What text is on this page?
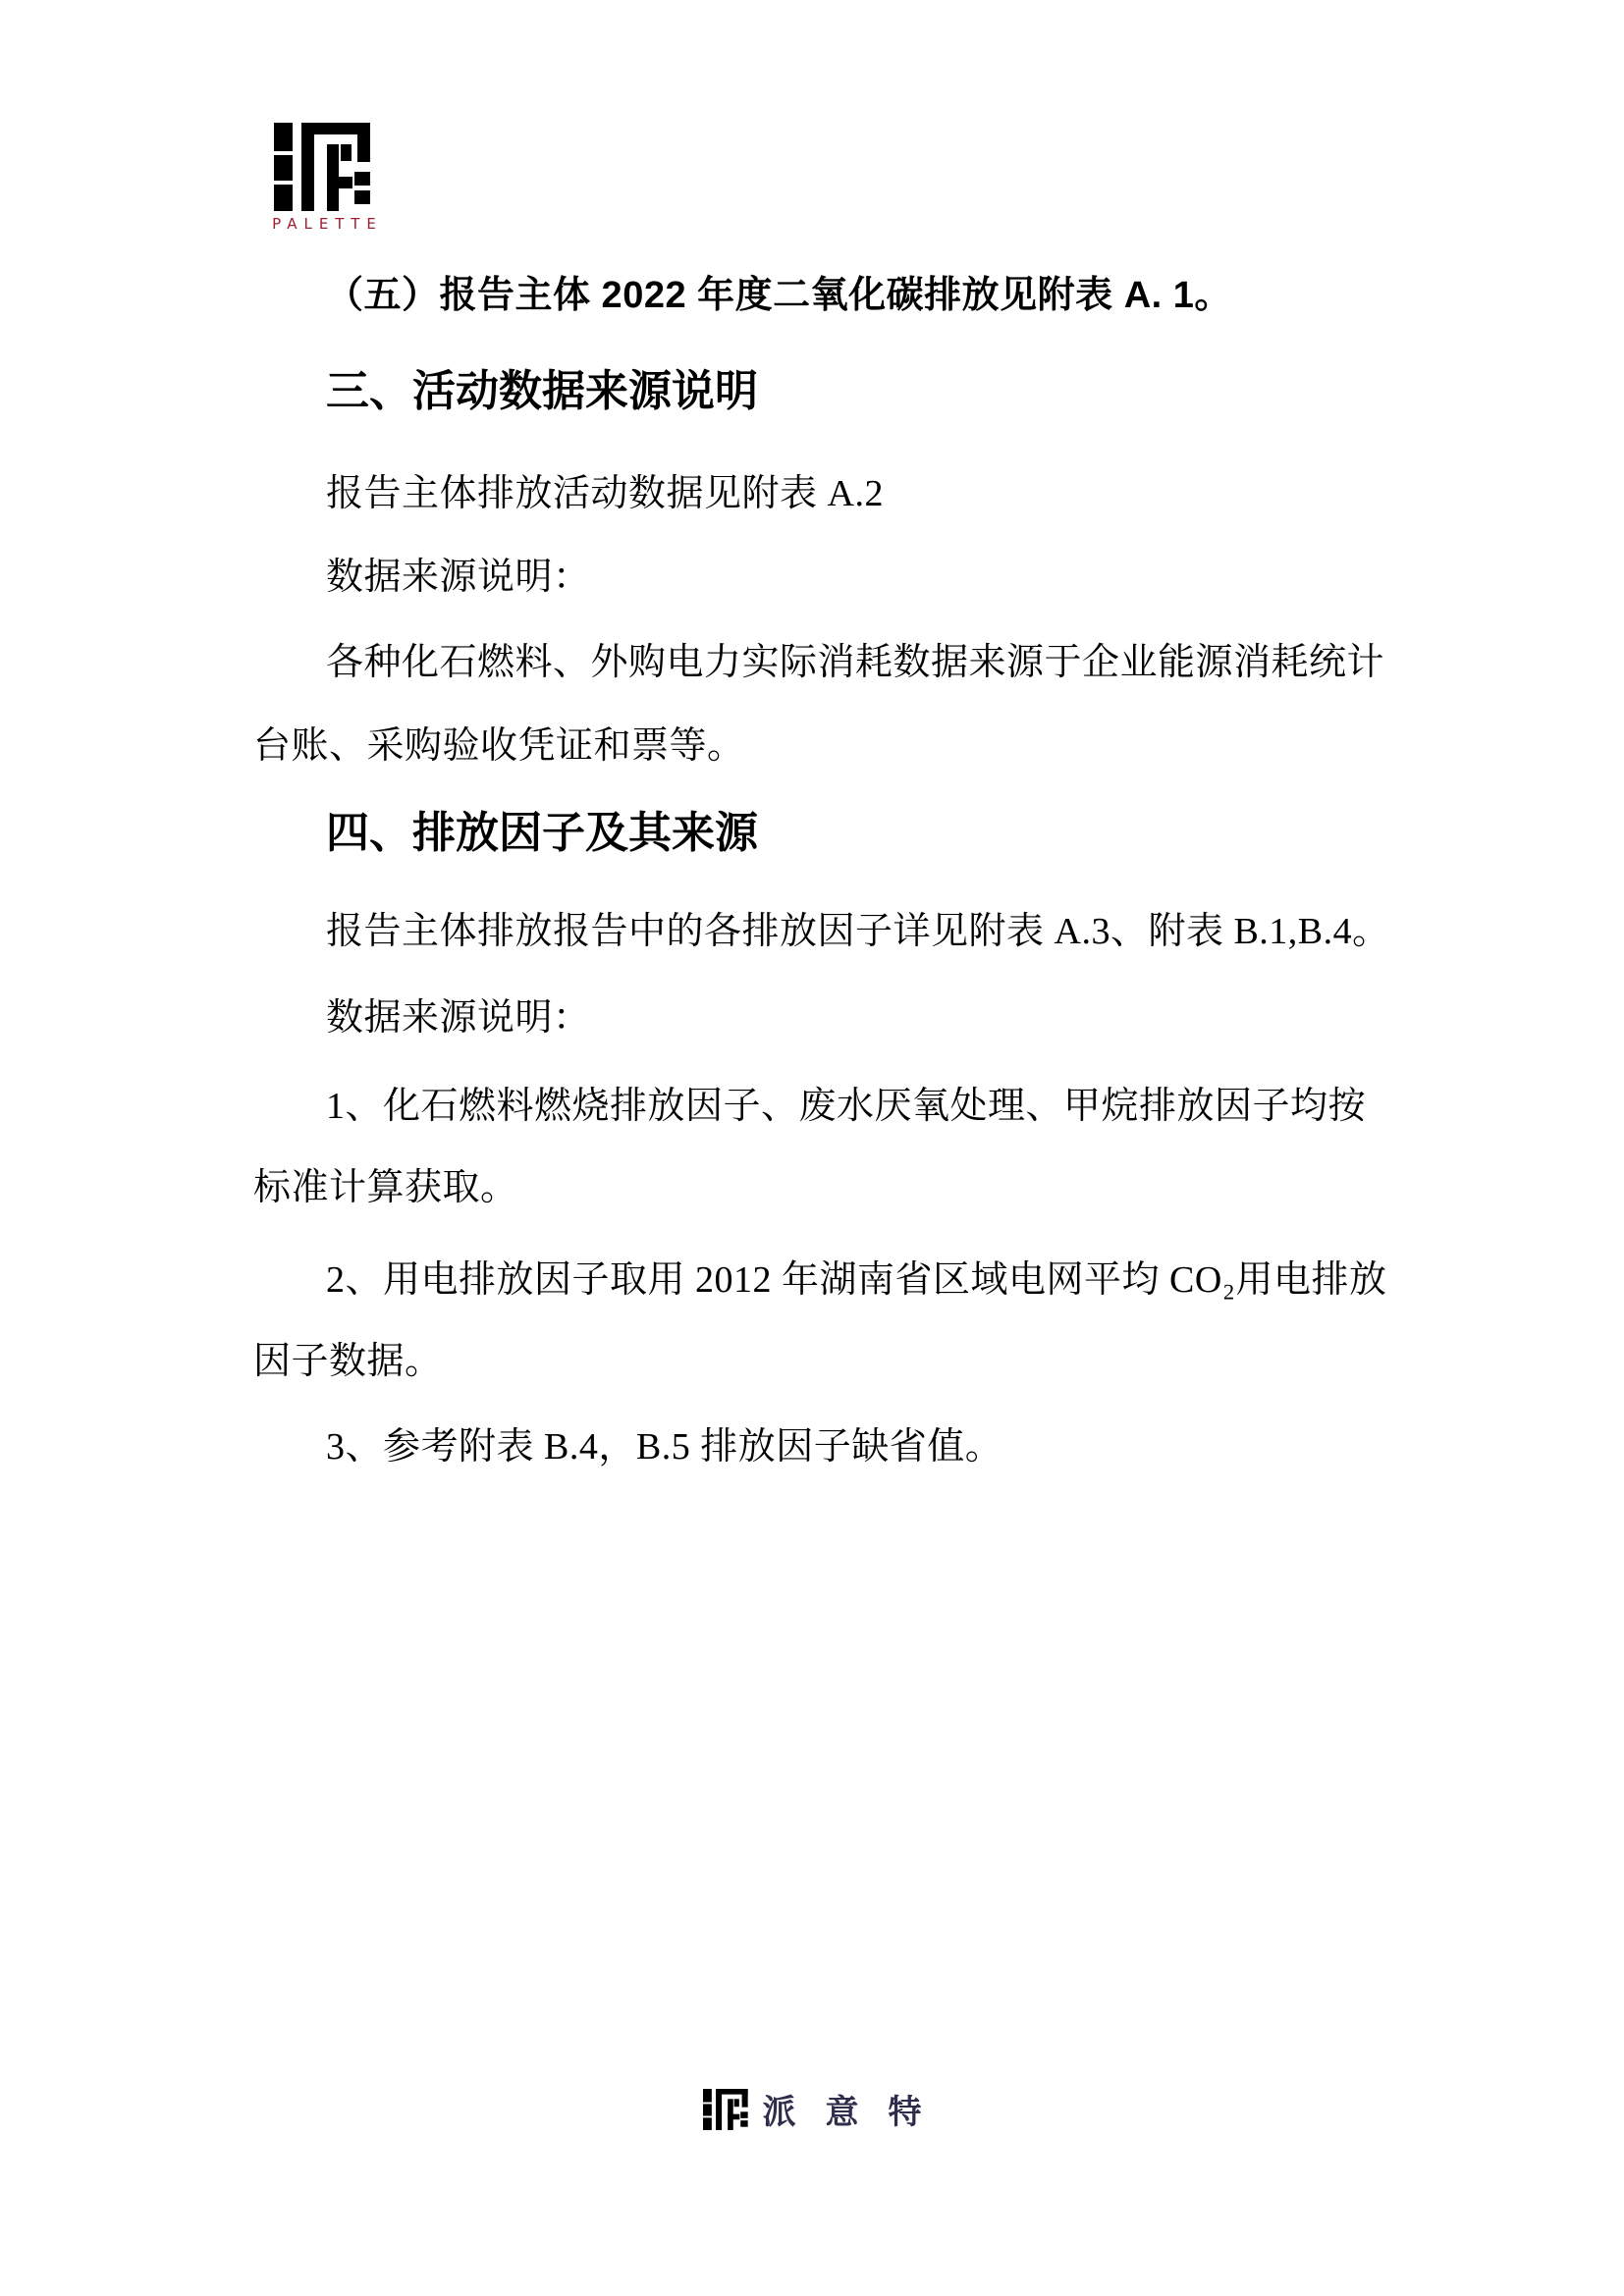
PALETTE
（五）报告主体 2022 年度二氧化碳排放见附表 A. 1。
三、活动数据来源说明
报告主体排放活动数据见附表 A.2
数据来源说明：
各种化石燃料、外购电力实际消耗数据来源于企业能源消耗统计
台账、采购验收凭证和票等。
四、排放因子及其来源
报告主体排放报告中的各排放因子详见附表 A.3、附表 B.1,B.4。
数据来源说明：
1、化石燃料燃烧排放因子、废水厌氧处理、甲烷排放因子均按
标准计算获取。
2、用电排放因子取用 2012 年湖南省区域电网平均 CO₂用电排放
因子数据。
3、参考附表 B.4，B.5 排放因子缺省值。
派意特
